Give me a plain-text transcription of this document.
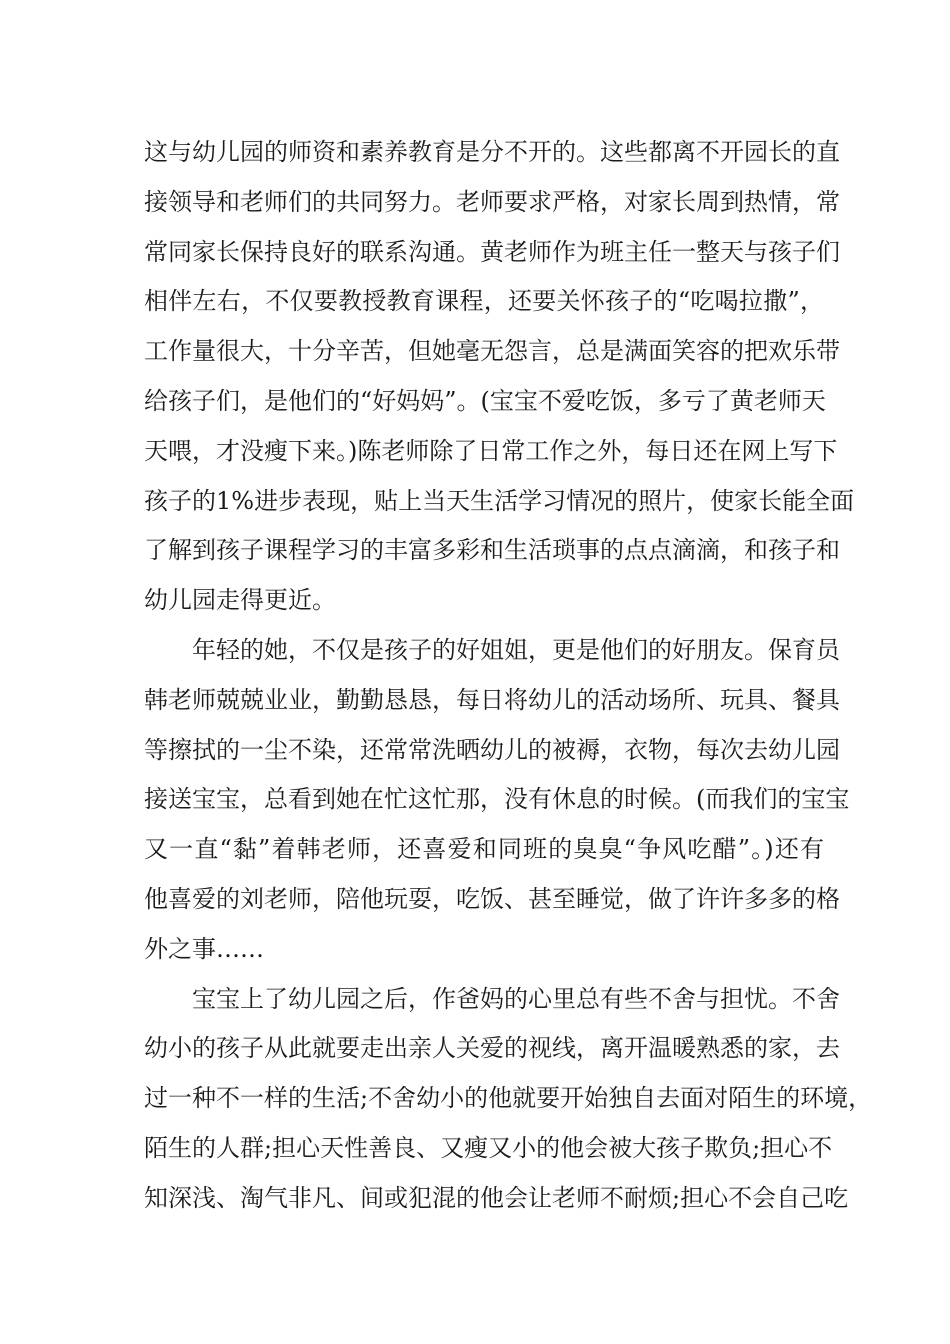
这与幼儿园的师资和素养教育是分不开的。这些都离不开园长的直
接领导和老师们的共同努力。老师要求严格，对家长周到热情，常
常同家长保持良好的联系沟通。黄老师作为班主任一整天与孩子们
相伴左右，不仅要教授教育课程，还要关怀孩子的“吃喝拉撒”，
工作量很大，十分辛苦，但她毫无怨言，总是满面笑容的把欢乐带
给孩子们，是他们的“好妈妈”。(宝宝不爱吃饭，多亏了黄老师天
天喂，才没瘦下来。)陈老师除了日常工作之外，每日还在网上写下
孩子的1%进步表现，贴上当天生活学习情况的照片，使家长能全面
了解到孩子课程学习的丰富多彩和生活琐事的点点滴滴，和孩子和
幼儿园走得更近。
年轻的她，不仅是孩子的好姐姐，更是他们的好朋友。保育员
韩老师兢兢业业，勤勤恳恳，每日将幼儿的活动场所、玩具、餐具
等擦拭的一尘不染，还常常洗晒幼儿的被褥，衣物，每次去幼儿园
接送宝宝，总看到她在忙这忙那，没有休息的时候。(而我们的宝宝
又一直“黏”着韩老师，还喜爱和同班的臭臭“争风吃醋”。)还有
他喜爱的刘老师，陪他玩耍，吃饭、甚至睡觉，做了许许多多的格
外之事……
宝宝上了幼儿园之后，作爸妈的心里总有些不舍与担忧。不舍
幼小的孩子从此就要走出亲人关爱的视线，离开温暖熟悉的家，去
过一种不一样的生活;不舍幼小的他就要开始独自去面对陌生的环境，
陌生的人群;担心天性善良、又瘦又小的他会被大孩子欺负;担心不
知深浅、淘气非凡、间或犯混的他会让老师不耐烦;担心不会自己吃
